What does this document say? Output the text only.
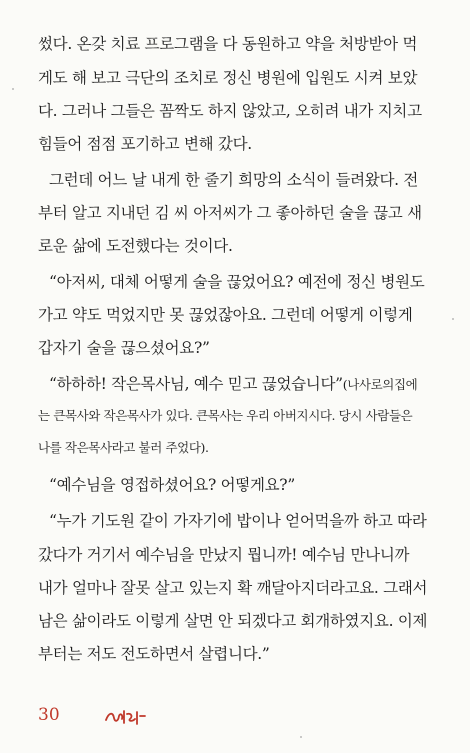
썼다. 온갖 치료 프로그램을 다 동원하고 약을 처방받아 먹
게도 해 보고 극단의 조치로 정신 병원에 입원도 시켜 보았
다. 그러나 그들은 꼼짝도 하지 않았고, 오히려 내가 지치고
힘들어 점점 포기하고 변해 갔다.
그런데 어느 날 내게 한 줄기 희망의 소식이 들려왔다. 전
부터 알고 지내던 김 씨 아저씨가 그 좋아하던 술을 끊고 새
로운 삶에 도전했다는 것이다.
“아저씨, 대체 어떻게 술을 끊었어요? 예전에 정신 병원도
가고 약도 먹었지만 못 끊었잖아요. 그런데 어떻게 이렇게
갑자기 술을 끊으셨어요?”
“하하하! 작은목사님, 예수 믿고 끊었습니다”(나사로의집에
는 큰목사와 작은목사가 있다. 큰목사는 우리 아버지시다. 당시 사람들은
나를 작은목사라고 불러 주었다).
“예수님을 영접하셨어요? 어떻게요?”
“누가 기도원 같이 가자기에 밥이나 얻어먹을까 하고 따라
갔다가 거기서 예수님을 만났지 뭡니까! 예수님 만나니까
내가 얼마나 잘못 살고 있는지 확 깨달아지더라고요. 그래서
남은 삶이라도 이렇게 살면 안 되겠다고 회개하였지요. 이제
부터는 저도 전도하면서 살렵니다.”
30
